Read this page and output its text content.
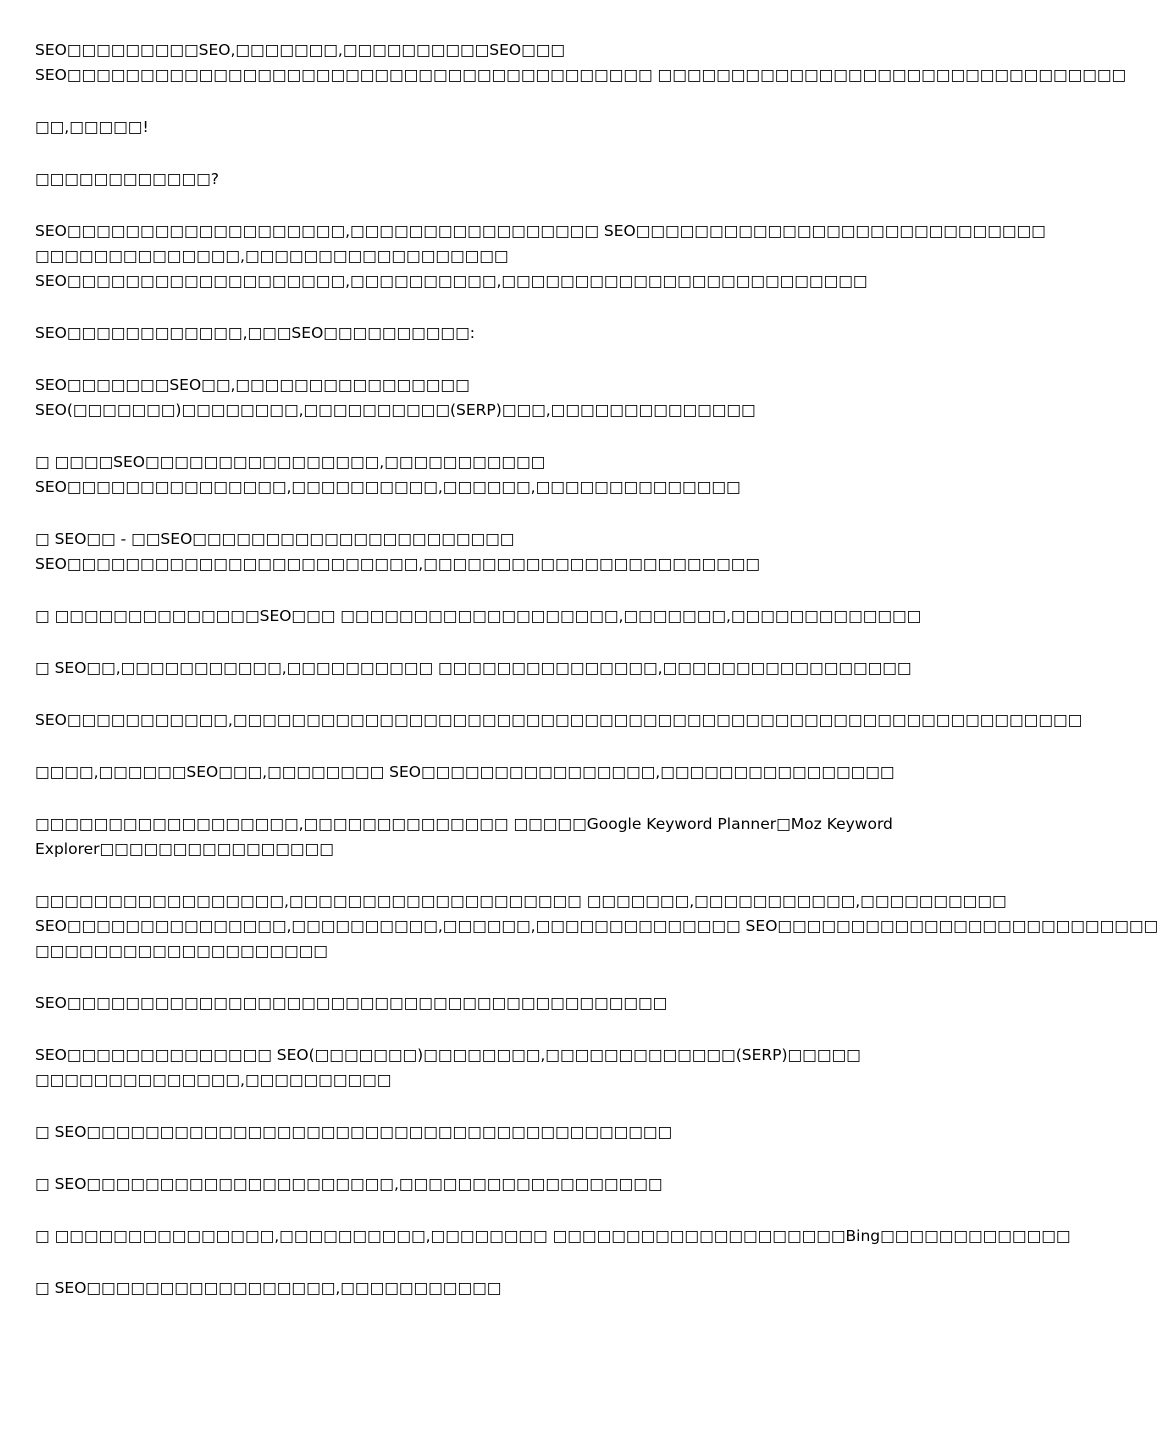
SEO□□□□□□□□□SEO,□□□□□□□,□□□□□□□□□□SEO□□□
SEO□□□□□□□□□□□□□□□□□□□□□□□□□□□□□□□□□□□□□□□□ □□□□□□□□□□□□□□□□□□□□□□□□□□□□□□□□
□□,□□□□□!
□□□□□□□□□□□□?
SEO□□□□□□□□□□□□□□□□□□□,□□□□□□□□□□□□□□□□□ SEO□□□□□□□□□□□□□□□□□□□□□□□□□□□□
□□□□□□□□□□□□□□,□□□□□□□□□□□□□□□□□□
SEO□□□□□□□□□□□□□□□□□□□,□□□□□□□□□□,□□□□□□□□□□□□□□□□□□□□□□□□□
SEO□□□□□□□□□□□□,□□□SEO□□□□□□□□□□:
SEO□□□□□□□SEO□□,□□□□□□□□□□□□□□□□
SEO(□□□□□□□)□□□□□□□□,□□□□□□□□□□(SERP)□□□,□□□□□□□□□□□□□□
□ □□□□SEO□□□□□□□□□□□□□□□□,□□□□□□□□□□□
SEO□□□□□□□□□□□□□□□,□□□□□□□□□□,□□□□□□,□□□□□□□□□□□□□□
□ SEO□□ - □□SEO□□□□□□□□□□□□□□□□□□□□□□
SEO□□□□□□□□□□□□□□□□□□□□□□□□,□□□□□□□□□□□□□□□□□□□□□□□
□ □□□□□□□□□□□□□□SEO□□□ □□□□□□□□□□□□□□□□□□□,□□□□□□□,□□□□□□□□□□□□□
□ SEO□□,□□□□□□□□□□□,□□□□□□□□□□ □□□□□□□□□□□□□□□,□□□□□□□□□□□□□□□□□
SEO□□□□□□□□□□□,□□□□□□□□□□□□□□□□□□□□□□□□□□□□□□□□□□□□□□□□□□□□□□□□□□□□□□□□□□
□□□□,□□□□□□SEO□□□,□□□□□□□□ SEO□□□□□□□□□□□□□□□□,□□□□□□□□□□□□□□□□
□□□□□□□□□□□□□□□□□□,□□□□□□□□□□□□□□ □□□□□Google Keyword Planner□Moz Keyword
Explorer□□□□□□□□□□□□□□□□
□□□□□□□□□□□□□□□□□,□□□□□□□□□□□□□□□□□□□□ □□□□□□□,□□□□□□□□□□□,□□□□□□□□□□
SEO□□□□□□□□□□□□□□□,□□□□□□□□□□,□□□□□□,□□□□□□□□□□□□□□ SEO□□□□□□□□□□□□□□□□□□□□□□□□□□
□□□□□□□□□□□□□□□□□□□□
SEO□□□□□□□□□□□□□□□□□□□□□□□□□□□□□□□□□□□□□□□□□
SEO□□□□□□□□□□□□□□ SEO(□□□□□□□)□□□□□□□□,□□□□□□□□□□□□□(SERP)□□□□□
□□□□□□□□□□□□□□,□□□□□□□□□□
□ SEO□□□□□□□□□□□□□□□□□□□□□□□□□□□□□□□□□□□□□□□□
□ SEO□□□□□□□□□□□□□□□□□□□□□,□□□□□□□□□□□□□□□□□□
□ □□□□□□□□□□□□□□□,□□□□□□□□□□,□□□□□□□□ □□□□□□□□□□□□□□□□□□□□Bing□□□□□□□□□□□□□
□ SEO□□□□□□□□□□□□□□□□□,□□□□□□□□□□□
